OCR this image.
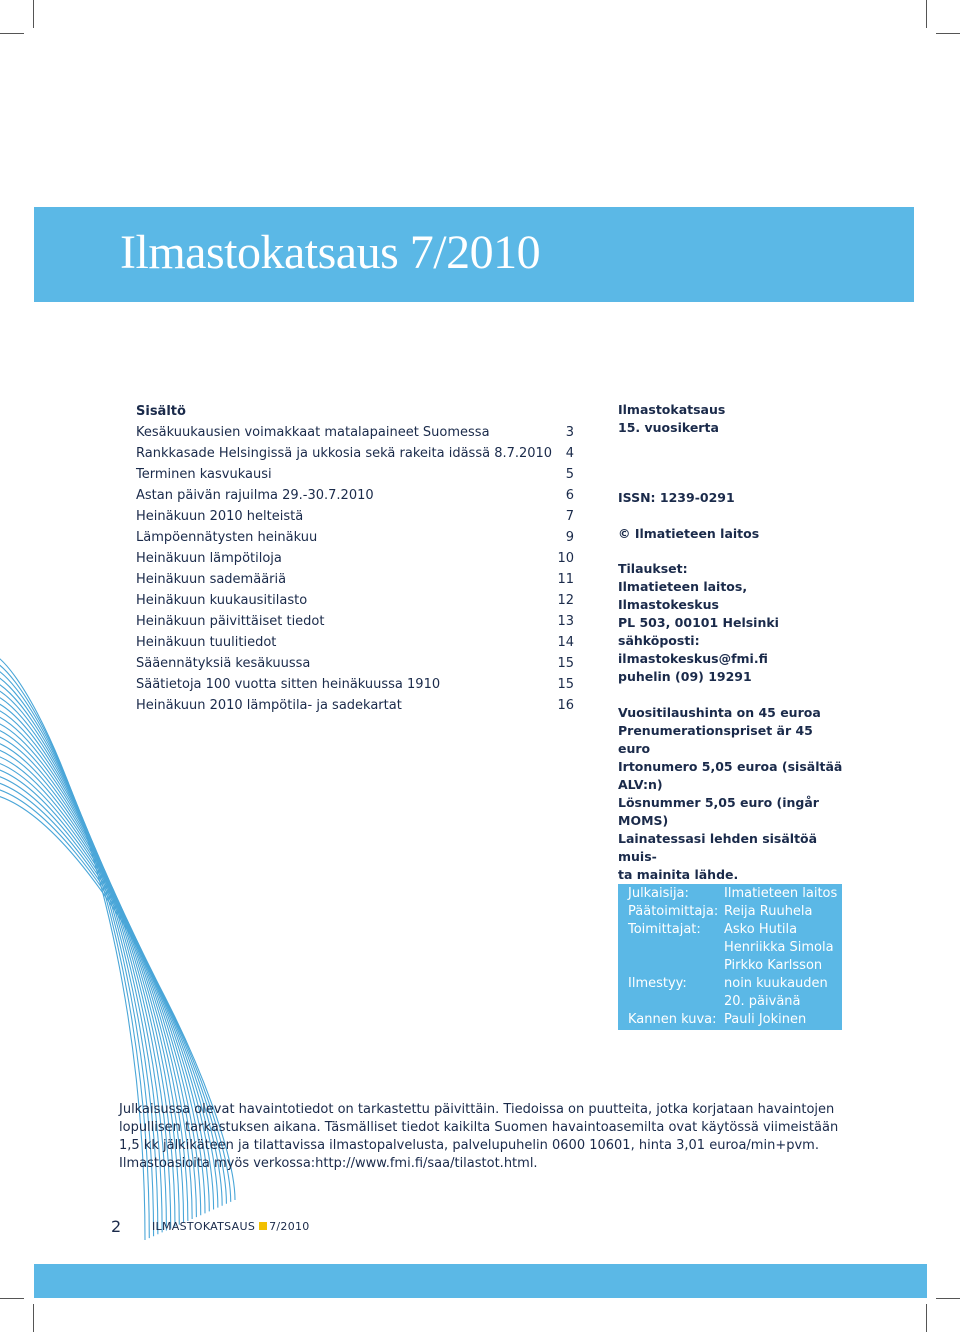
Ilmastokatsaus 7/2010
Sisältö
Kesäkuukausien voimakkaat matalapaineet Suomessa	3
Rankkasade Helsingissä ja ukkosia sekä rakeita idässä 8.7.2010 4
Terminen kasvukausi	5
Astan päivän rajuilma 29.-30.7.2010	6
Heinäkuun 2010 helteistä	7
Lämpöennätysten heinäkuu	9
Heinäkuun lämpötiloja	10
Heinäkuun sademääriä	11
Heinäkuun kuukausitilasto	12
Heinäkuun päivittäiset tiedot	13
Heinäkuun tuulitiedot	14
Sääennätyksiä kesäkuussa	15
Säätietoja 100 vuotta sitten heinäkuussa 1910	15
Heinäkuun 2010 lämpötila- ja sadekartat	16

Ilmastokatsaus

15. vuosikerta

ISSN: 1239-0291

© Ilmatieteen laitos

Tilaukset:

Ilmatieteen laitos, Ilmastokeskus

PL 503, 00101 Helsinki

sähköposti: ilmastokeskus@fmi.fi

puhelin (09) 19291

Vuositilaushinta on 45 euroa

Prenumerationspriset är 45 euro

Irtonumero 5,05 euroa (sisältää

ALV:n)

Lösnummer 5,05 euro (ingår

MOMS)

Lainatessasi lehden sisältöä muis-

ta mainita lähde.

Julkaisija:	Ilmatieteen laitos
Päätoimittaja: Reija Ruuhela
Toimittajat: Asko Hutila
Henriikka Simola
Pirkko Karlsson
Ilmestyy:	noin kuukauden
20. päivänä
Kannen kuva: Pauli Jokinen

Julkaisussa olevat havaintotiedot on tarkastettu päivittäin. Tiedoissa on puutteita, jotka korjataan havaintojen

lopullisen tarkastuksen aikana. Täsmälliset tiedot kaikilta Suomen havaintoasemilta ovat käytössä viimeistään

1,5 kk jälkikäteen ja tilattavissa ilmastopalvelusta, palvelupuhelin 0600 10601, hinta 3,01 euroa/min+pvm.

Ilmastoasioita myös verkossa:http://www.fmi.fi/saa/tilastot.html.

2	ILMASTOKATSAUS 7/2010
